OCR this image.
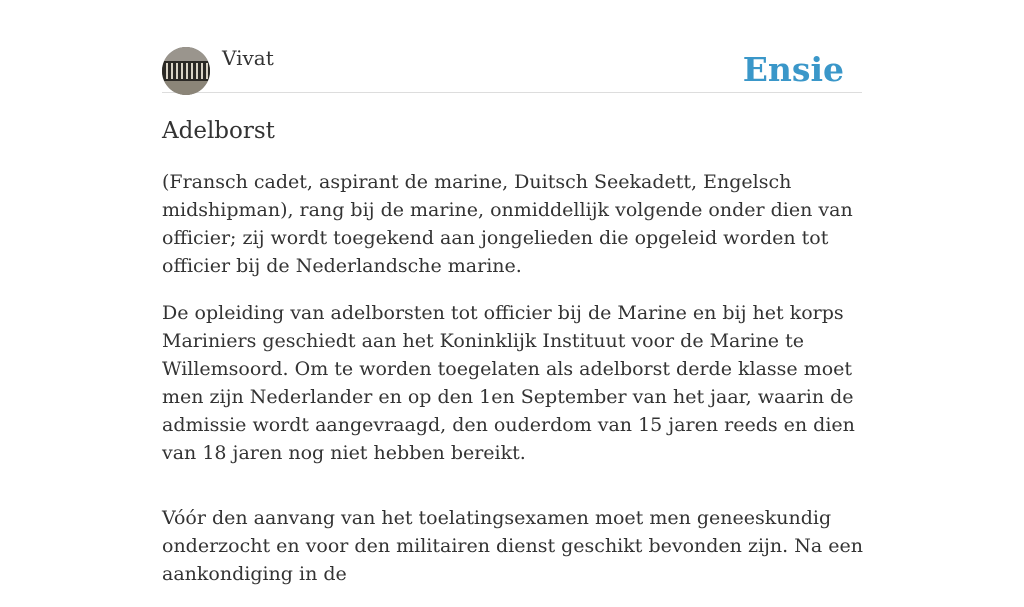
Vivat	Ensie
Adelborst

(Fransch cadet, aspirant de marine, Duitsch Seekadett, Engelsch midshipman), rang bij de marine, onmiddellijk volgende onder dien van officier; zij wordt toegekend aan jongelieden die opgeleid worden tot officier bij de Nederlandsche marine.

De opleiding van adelborsten tot officier bij de Marine en bij het korps Mariniers geschiedt aan het Koninklijk Instituut voor de Marine te Willemsoord. Om te worden toegelaten als adelborst derde klasse moet men zijn Nederlander en op den 1en September van het jaar, waarin de admissie wordt aangevraagd, den ouderdom van 15 jaren reeds en dien van 18 jaren nog niet hebben bereikt.

Vóór den aanvang van het toelatingsexamen moet men geneeskundig onderzocht en voor den militairen dienst geschikt bevonden zijn. Na een aankondiging in de
